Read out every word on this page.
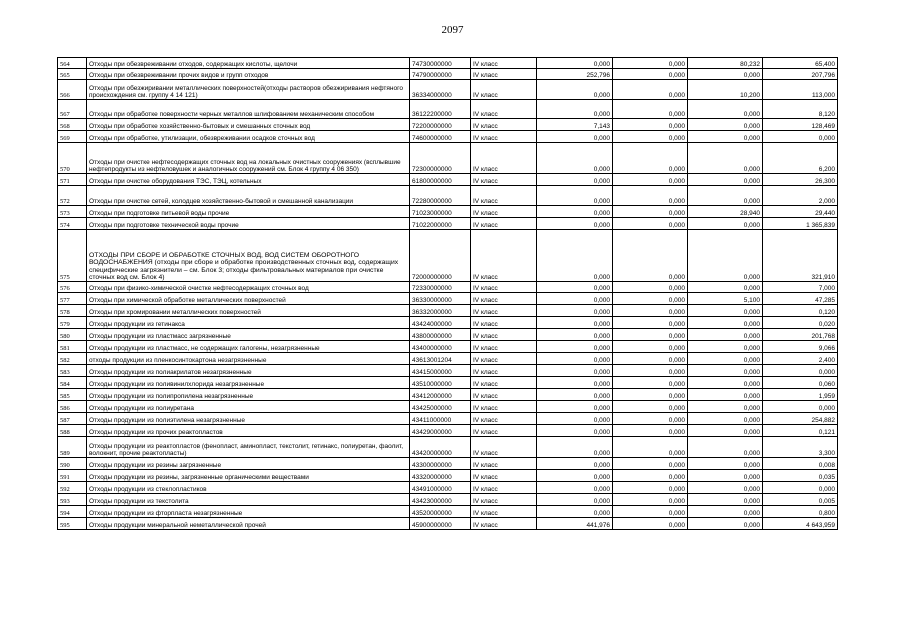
2097
564	Отходы при обезвреживании отходов, содержащих кислоты, щелочи	74730000000	IV класс	0,000	0,000	80,232	65,400
565	Отходы при обезвреживании прочих видов и групп отходов	74790000000	IV класс	252,796	0,000	0,000	207,796
566	Отходы при обезжиривании металлических поверхностей(отходы растворов обезжиривания нефтяного происхождения см. группу 4 14 121)	36334000000	IV класс	0,000	0,000	10,200	113,000
567	Отходы при обработке поверхности черных металлов шлифованием механическим способом	36122200000	IV класс	0,000	0,000	0,000	8,120
568	Отходы при обработке хозяйственно-бытовых и смешанных сточных вод	72200000000	IV класс	7,143	0,000	0,000	128,469
569	Отходы при обработке, утилизации, обезвреживании осадков сточных вод	74600000000	IV класс	0,000	0,000	0,000	0,000
570	Отходы при очистке нефтесодержащих сточных вод на локальных очистных сооружениях (всплывшие нефтепродукты из нефтеловушек и аналогичных сооружений см. Блок 4 группу 4 06 350)	72300000000	IV класс	0,000	0,000	0,000	6,200
571	Отходы при очистке оборудования ТЭС, ТЭЦ, котельных	61800000000	IV класс	0,000	0,000	0,000	26,300
572	Отходы при очистке сетей, колодцев хозяйственно-бытовой и смешанной канализации	72280000000	IV класс	0,000	0,000	0,000	2,000
573	Отходы при подготовке питьевой воды прочие	71023000000	IV класс	0,000	0,000	28,940	29,440
574	Отходы при подготовке технической воды прочие	71022000000	IV класс	0,000	0,000	0,000	1 365,839
575	ОТХОДЫ ПРИ СБОРЕ И ОБРАБОТКЕ СТОЧНЫХ ВОД, ВОД СИСТЕМ ОБОРОТНОГО ВОДОСНАБЖЕНИЯ (отходы при сборе и обработке производственных сточных вод, содержащих специфические загрязнители – см. Блок 3; отходы фильтровальных материалов при очистке сточных вод см. Блок 4)	72000000000	IV класс	0,000	0,000	0,000	321,910
576	Отходы при физико-химической очистке нефтесодержащих сточных вод	72330000000	IV класс	0,000	0,000	0,000	7,000
577	Отходы при химической обработке металлических поверхностей	36330000000	IV класс	0,000	0,000	5,100	47,285
578	Отходы при хромировании металлических поверхностей	36332000000	IV класс	0,000	0,000	0,000	0,120
579	Отходы продукции из гетинакса	43424000000	IV класс	0,000	0,000	0,000	0,020
580	Отходы продукции из пластмасс загрязненные	43800000000	IV класс	0,000	0,000	0,000	201,768
581	Отходы продукции из пластмасс, не содержащих галогены, незагрязненные	43400000000	IV класс	0,000	0,000	0,000	9,066
582	отходы продукции из пленкосинтокартона незагрязненные	43613001204	IV класс	0,000	0,000	0,000	2,400
583	Отходы продукции из полиакрилатов незагрязненные	43415000000	IV класс	0,000	0,000	0,000	0,000
584	Отходы продукции из поливинилхлорида незагрязненные	43510000000	IV класс	0,000	0,000	0,000	0,060
585	Отходы продукции из полипропилена незагрязненные	43412000000	IV класс	0,000	0,000	0,000	1,959
586	Отходы продукции из полиуретана	43425000000	IV класс	0,000	0,000	0,000	0,000
587	Отходы продукции из полиэтилена незагрязненные	43411000000	IV класс	0,000	0,000	0,000	254,882
588	Отходы продукции из прочих реактопластов	43429000000	IV класс	0,000	0,000	0,000	0,121
589	Отходы продукции из реактопластов (фенопласт, аминопласт, текстолит, гетинакс, полиуретан, фаолит, волокнит, прочие реактопласты)	43420000000	IV класс	0,000	0,000	0,000	3,300
590	Отходы продукции из резины загрязненные	43300000000	IV класс	0,000	0,000	0,000	0,008
591	Отходы продукции из резины, загрязненные органическими веществами	43320000000	IV класс	0,000	0,000	0,000	0,035
592	Отходы продукции из стеклопластиков	43491000000	IV класс	0,000	0,000	0,000	0,000
593	Отходы продукции из текстолита	43423000000	IV класс	0,000	0,000	0,000	0,005
594	Отходы продукции из фторпласта незагрязненные	43520000000	IV класс	0,000	0,000	0,000	0,800
595	Отходы продукции минеральной неметаллической прочей	45900000000	IV класс	441,976	0,000	0,000	4 643,959
